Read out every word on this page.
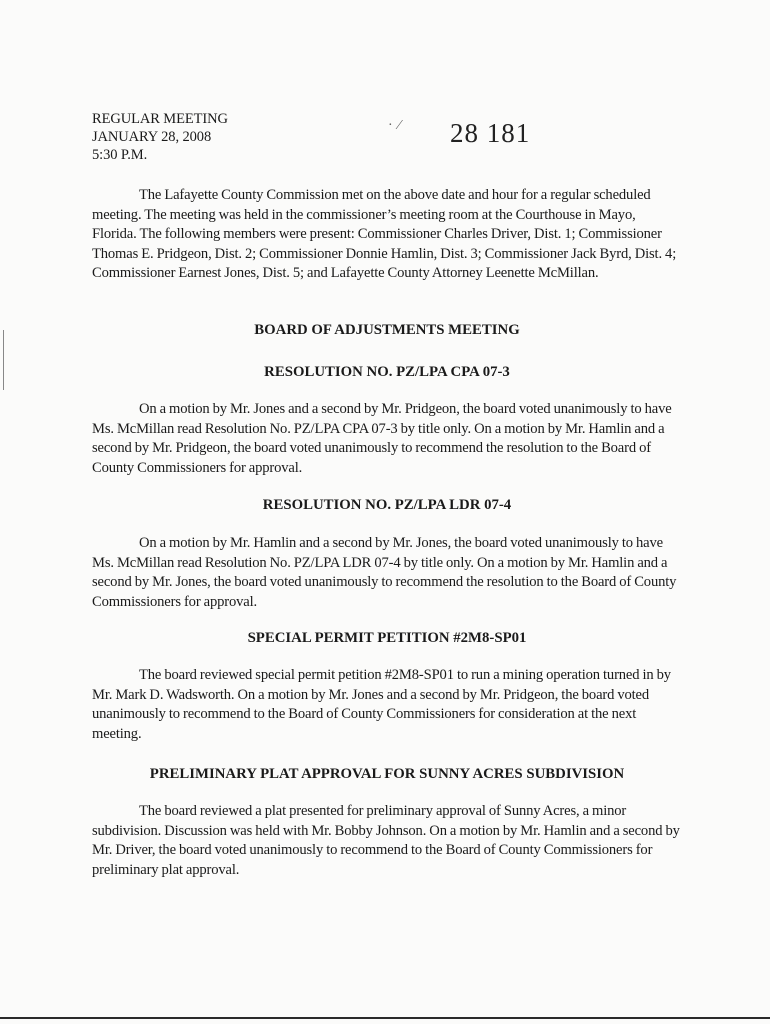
REGULAR MEETING
JANUARY 28, 2008
5:30 P.M.
· ⁄ 28 181

The Lafayette County Commission met on the above date and hour for a regular scheduled meeting. The meeting was held in the commissioner’s meeting room at the Courthouse in Mayo, Florida. The following members were present: Commissioner Charles Driver, Dist. 1; Commissioner Thomas E. Pridgeon, Dist. 2; Commissioner Donnie Hamlin, Dist. 3; Commissioner Jack Byrd, Dist. 4; Commissioner Earnest Jones, Dist. 5; and Lafayette County Attorney Leenette McMillan.

BOARD OF ADJUSTMENTS MEETING

RESOLUTION NO. PZ/LPA CPA 07-3

On a motion by Mr. Jones and a second by Mr. Pridgeon, the board voted unanimously to have Ms. McMillan read Resolution No. PZ/LPA CPA 07-3 by title only. On a motion by Mr. Hamlin and a second by Mr. Pridgeon, the board voted unanimously to recommend the resolution to the Board of County Commissioners for approval.

RESOLUTION NO. PZ/LPA LDR 07-4

On a motion by Mr. Hamlin and a second by Mr. Jones, the board voted unanimously to have Ms. McMillan read Resolution No. PZ/LPA LDR 07-4 by title only. On a motion by Mr. Hamlin and a second by Mr. Jones, the board voted unanimously to recommend the resolution to the Board of County Commissioners for approval.

SPECIAL PERMIT PETITION #2M8-SP01

The board reviewed special permit petition #2M8-SP01 to run a mining operation turned in by Mr. Mark D. Wadsworth. On a motion by Mr. Jones and a second by Mr. Pridgeon, the board voted unanimously to recommend to the Board of County Commissioners for consideration at the next meeting.

PRELIMINARY PLAT APPROVAL FOR SUNNY ACRES SUBDIVISION

The board reviewed a plat presented for preliminary approval of Sunny Acres, a minor subdivision. Discussion was held with Mr. Bobby Johnson. On a motion by Mr. Hamlin and a second by Mr. Driver, the board voted unanimously to recommend to the Board of County Commissioners for preliminary plat approval.
